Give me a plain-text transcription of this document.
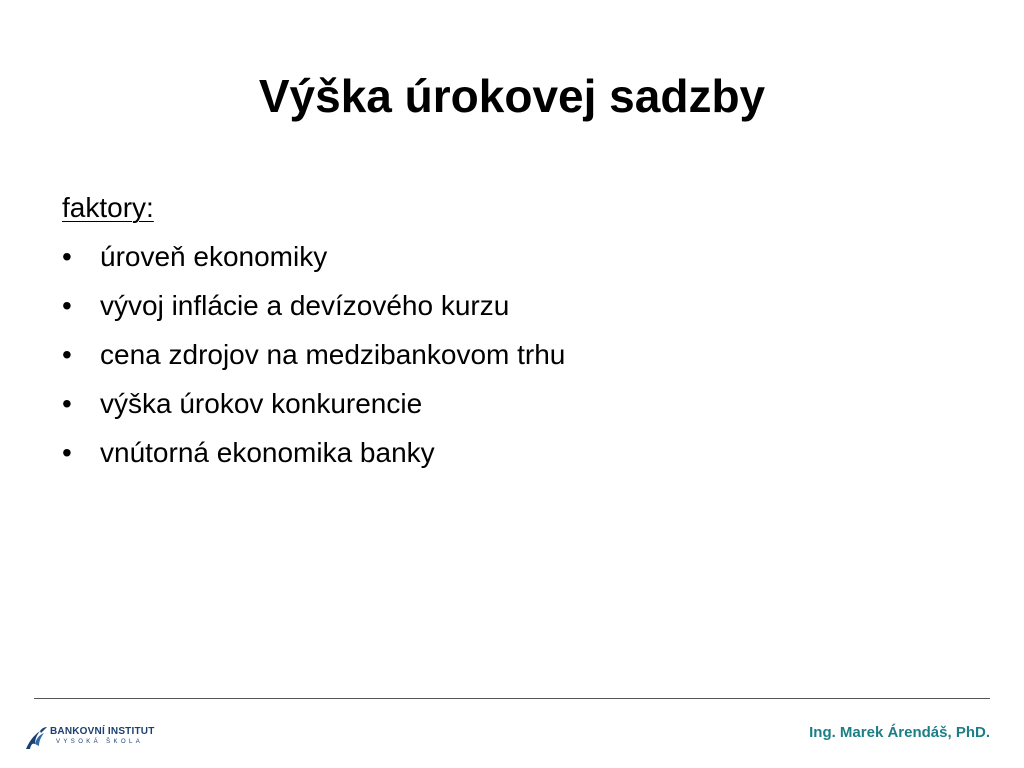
Výška úrokovej sadzby
faktory:
•	úroveň ekonomiky
•	vývoj inflácie a devízového kurzu
•	cena zdrojov na medzibankovom trhu
•	výška úrokov konkurencie
•	vnútorná ekonomika banky
BANKOVNÍ INSTITUT
VYSOKÁ ŠKOLA
Ing. Marek Árendáš, PhD.
